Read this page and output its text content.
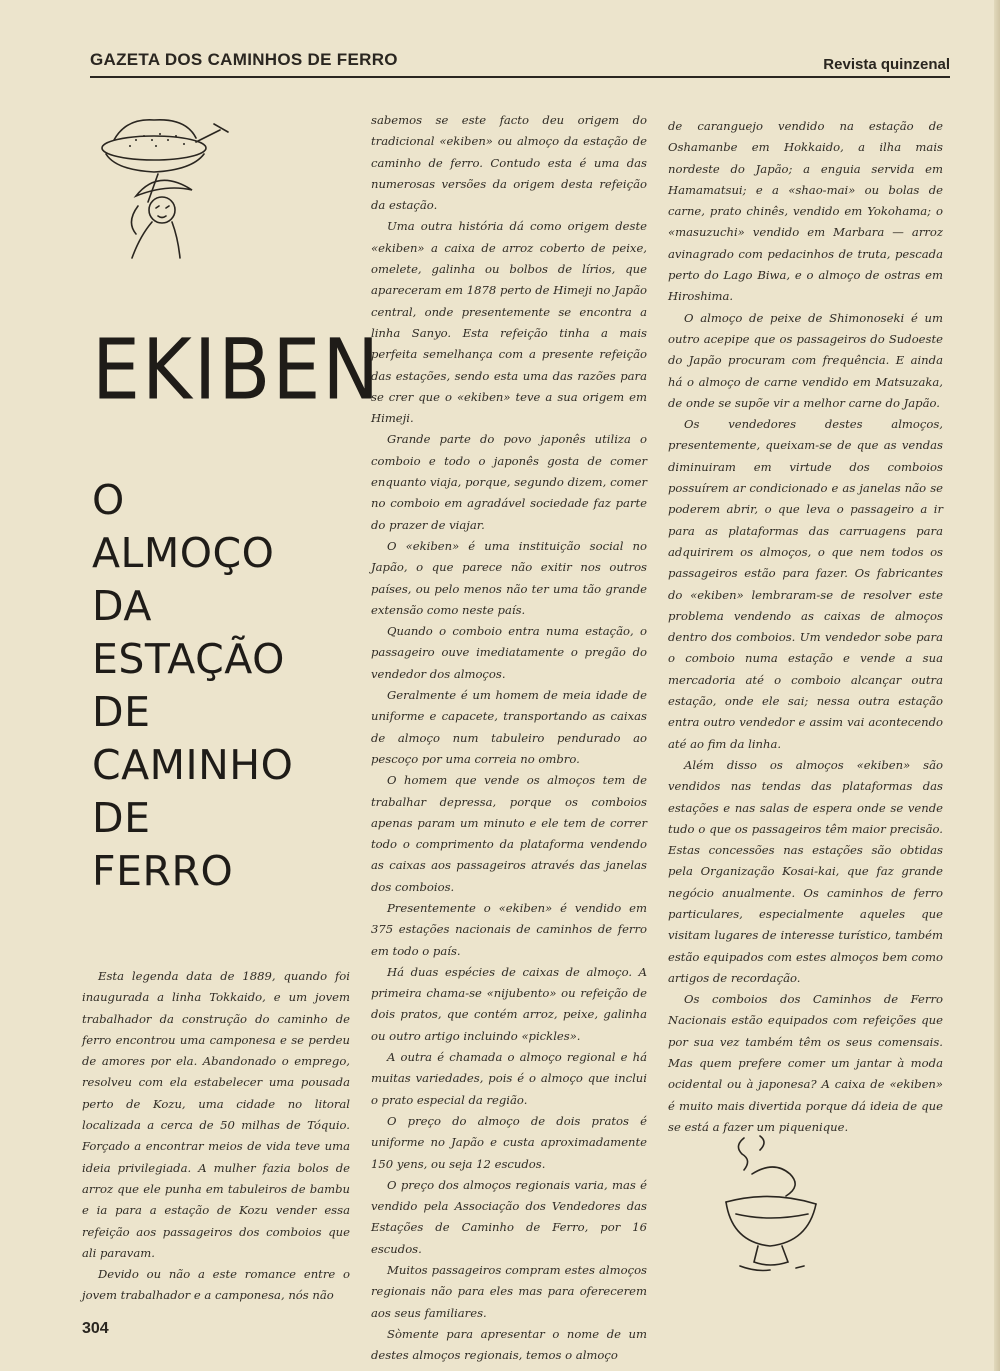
GAZETA DOS CAMINHOS DE FERRO	Revista quinzenal
EKIBEN
O
ALMOÇO
DA
ESTAÇÃO
DE
CAMINHO
DE
FERRO

Esta legenda data de 1889, quando foi inaugurada a linha Tokkaido, e um jovem trabalhador da construção do caminho de ferro encontrou uma camponesa e se perdeu de amores por ela. Abandonado o emprego, resolveu com ela estabelecer uma pousada perto de Kozu, uma cidade no litoral localizada a cerca de 50 milhas de Tóquio. Forçado a encontrar meios de vida teve uma ideia privilegiada. A mulher fazia bolos de arroz que ele punha em tabuleiros de bambu e ia para a estação de Kozu vender essa refeição aos passageiros dos comboios que ali paravam.

Devido ou não a este romance entre o jovem trabalhador e a camponesa, nós não

sabemos se este facto deu origem do tradicional «ekiben» ou almoço da estação de caminho de ferro. Contudo esta é uma das numerosas versões da origem desta refeição da estação.

Uma outra história dá como origem deste «ekiben» a caixa de arroz coberto de peixe, omelete, galinha ou bolbos de lírios, que apareceram em 1878 perto de Himeji no Japão central, onde presentemente se encontra a linha Sanyo. Esta refeição tinha a mais perfeita semelhança com a presente refeição das estações, sendo esta uma das razões para se crer que o «ekiben» teve a sua origem em Himeji.

Grande parte do povo japonês utiliza o comboio e todo o japonês gosta de comer enquanto viaja, porque, segundo dizem, comer no comboio em agradável sociedade faz parte do prazer de viajar.

O «ekiben» é uma instituição social no Japão, o que parece não exitir nos outros países, ou pelo menos não ter uma tão grande extensão como neste país.

Quando o comboio entra numa estação, o passageiro ouve imediatamente o pregão do vendedor dos almoços.

Geralmente é um homem de meia idade de uniforme e capacete, transportando as caixas de almoço num tabuleiro pendurado ao pescoço por uma correia no ombro.

O homem que vende os almoços tem de trabalhar depressa, porque os comboios apenas param um minuto e ele tem de correr todo o comprimento da plataforma vendendo as caixas aos passageiros através das janelas dos comboios.

Presentemente o «ekiben» é vendido em 375 estações nacionais de caminhos de ferro em todo o país.

Há duas espécies de caixas de almoço. A primeira chama-se «nijubento» ou refeição de dois pratos, que contém arroz, peixe, galinha ou outro artigo incluindo «pickles».

A outra é chamada o almoço regional e há muitas variedades, pois é o almoço que inclui o prato especial da região.

O preço do almoço de dois pratos é uniforme no Japão e custa aproximadamente 150 yens, ou seja 12 escudos.

O preço dos almoços regionais varia, mas é vendido pela Associação dos Vendedores das Estações de Caminho de Ferro, por 16 escudos.

Muitos passageiros compram estes almoços regionais não para eles mas para oferecerem aos seus familiares.

Sòmente para apresentar o nome de um destes almoços regionais, temos o almoço

de caranguejo vendido na estação de Oshamanbe em Hokkaido, a ilha mais nordeste do Japão; a enguia servida em Hamamatsui; e a «shao-mai» ou bolas de carne, prato chinês, vendido em Yokohama; o «masuzuchi» vendido em Marbara — arroz avinagrado com pedacinhos de truta, pescada perto do Lago Biwa, e o almoço de ostras em Hiroshima.

O almoço de peixe de Shimonoseki é um outro acepipe que os passageiros do Sudoeste do Japão procuram com frequência. E ainda há o almoço de carne vendido em Matsuzaka, de onde se supõe vir a melhor carne do Japão.

Os vendedores destes almoços, presentemente, queixam-se de que as vendas diminuiram em virtude dos comboios possuírem ar condicionado e as janelas não se poderem abrir, o que leva o passageiro a ir para as plataformas das carruagens para adquirirem os almoços, o que nem todos os passageiros estão para fazer. Os fabricantes do «ekiben» lembraram-se de resolver este problema vendendo as caixas de almoços dentro dos comboios. Um vendedor sobe para o comboio numa estação e vende a sua mercadoria até o comboio alcançar outra estação, onde ele sai; nessa outra estação entra outro vendedor e assim vai acontecendo até ao fim da linha.

Além disso os almoços «ekiben» são vendidos nas tendas das plataformas das estações e nas salas de espera onde se vende tudo o que os passageiros têm maior precisão. Estas concessões nas estações são obtidas pela Organização Kosai-kai, que faz grande negócio anualmente. Os caminhos de ferro particulares, especialmente aqueles que visitam lugares de interesse turístico, também estão equipados com estes almoços bem como artigos de recordação.

Os comboios dos Caminhos de Ferro Nacionais estão equipados com refeições que por sua vez também têm os seus comensais. Mas quem prefere comer um jantar à moda ocidental ou à japonesa? A caixa de «ekiben» é muito mais divertida porque dá ideia de que se está a fazer um piquenique.

304
